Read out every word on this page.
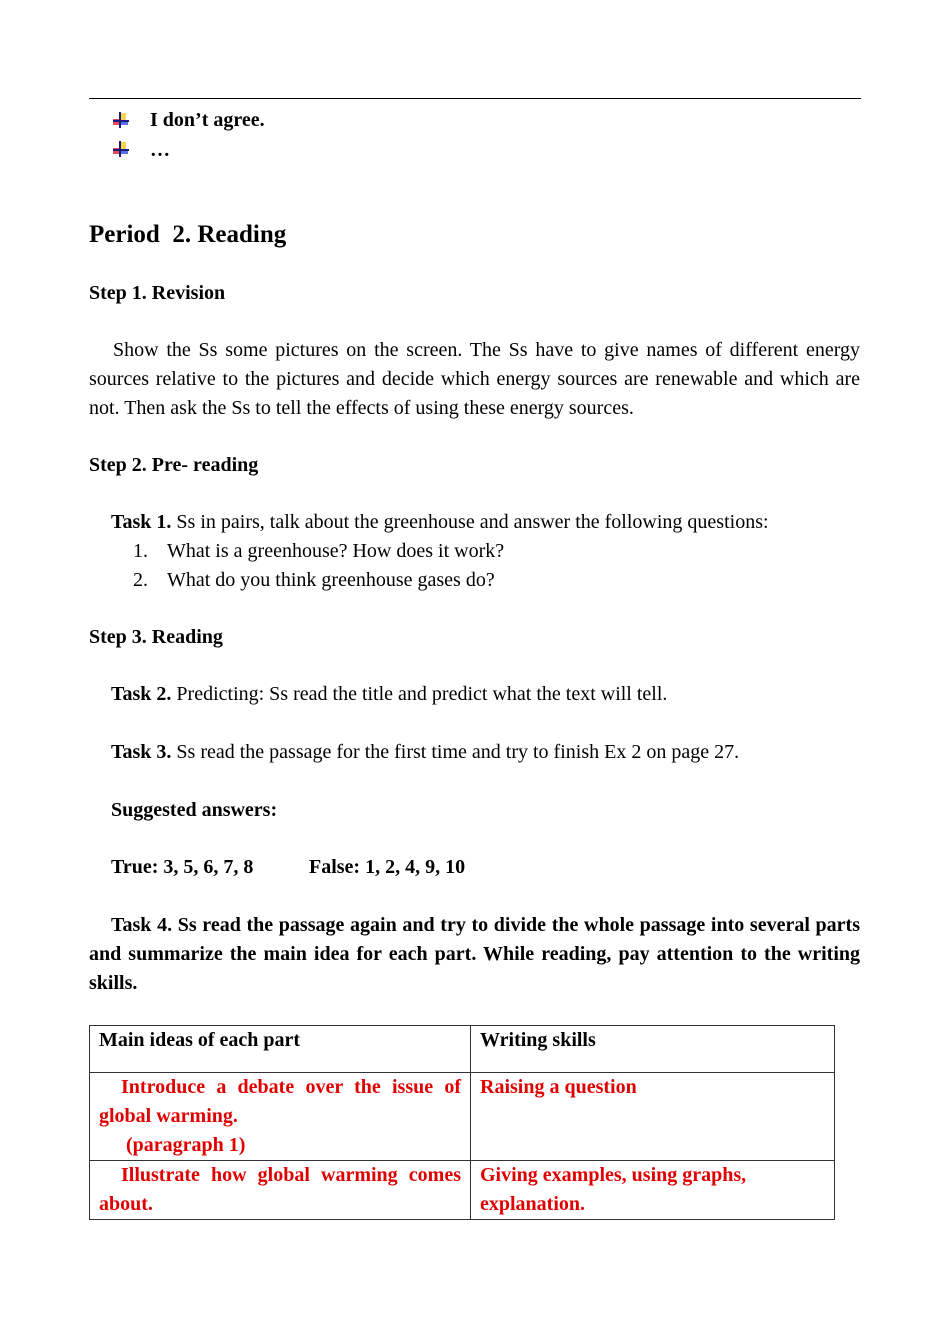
I don’t agree.
…
Period  2. Reading
Step 1. Revision
Show the Ss some pictures on the screen. The Ss have to give names of different energy sources relative to the pictures and decide which energy sources are renewable and which are not. Then ask the Ss to tell the effects of using these energy sources.
Step 2. Pre- reading
Task 1. Ss in pairs, talk about the greenhouse and answer the following questions:
1. What is a greenhouse? How does it work?
2. What do you think greenhouse gases do?
Step 3. Reading
Task 2. Predicting: Ss read the title and predict what the text will tell.
Task 3. Ss read the passage for the first time and try to finish Ex 2 on page 27.
Suggested answers:
True: 3, 5, 6, 7, 8	False: 1, 2, 4, 9, 10
Task 4. Ss read the passage again and try to divide the whole passage into several parts and summarize the main idea for each part. While reading, pay attention to the writing skills.
Main ideas of each part	Writing skills

Introduce a debate over the issue of global warming.
(paragraph 1)	Raising a question
Illustrate how global warming comes about.	Giving examples, using graphs, explanation.
